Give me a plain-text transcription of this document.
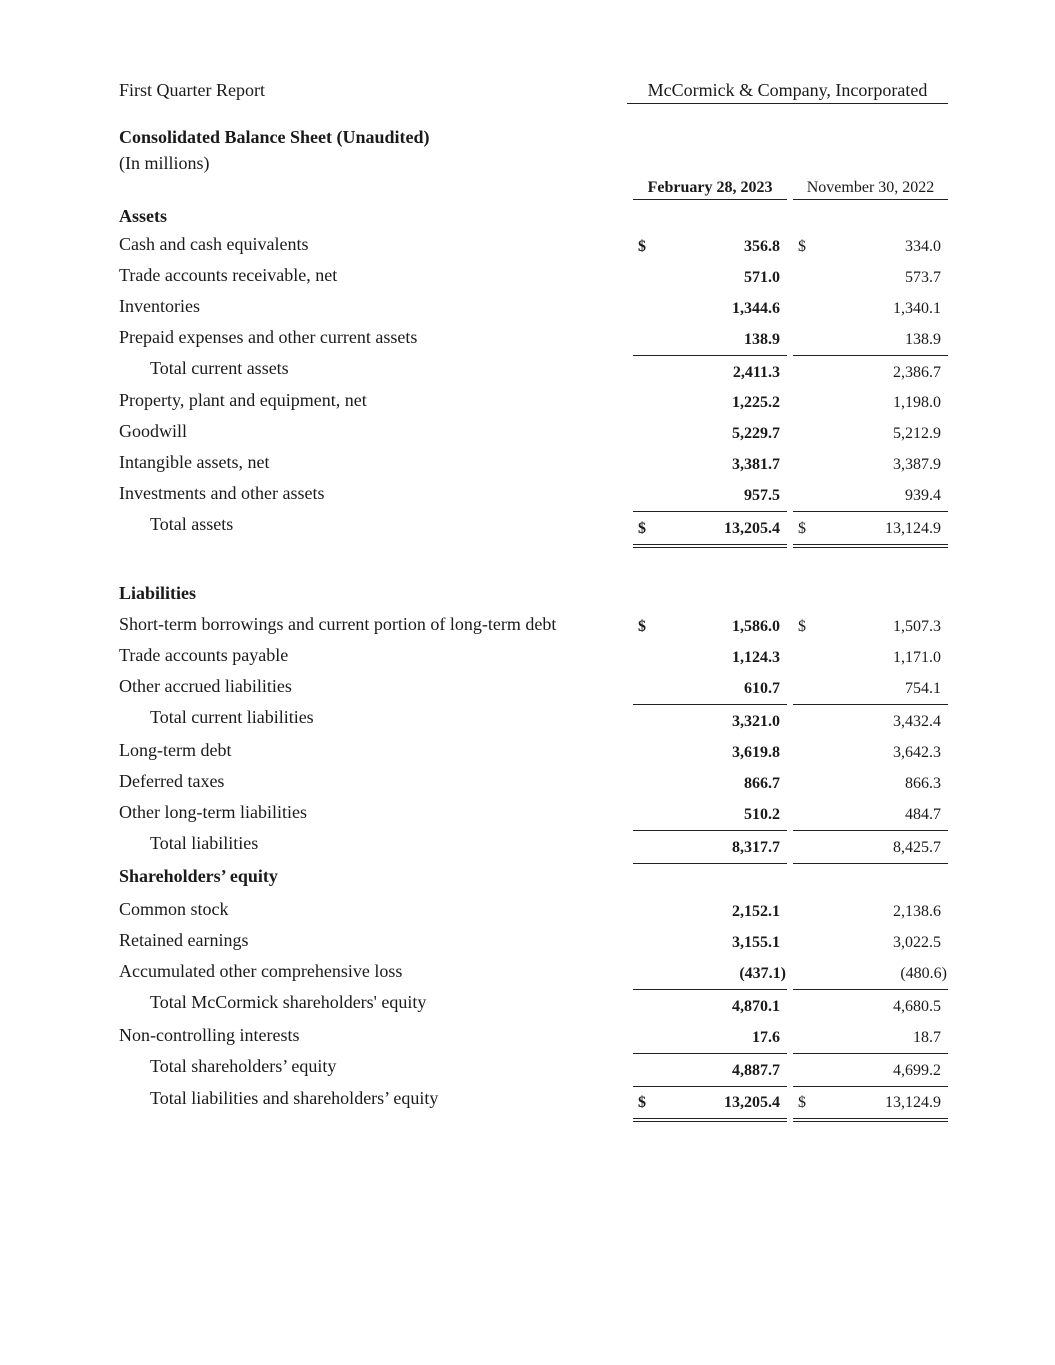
First Quarter Report	McCormick & Company, Incorporated
Consolidated Balance Sheet (Unaudited)
(In millions)
February 28, 2023	November 30, 2022
Assets
Cash and cash equivalents	$	356.8 $	334.0
Trade accounts receivable, net	571.0	573.7
Inventories	1,344.6	1,340.1
Prepaid expenses and other current assets	138.9	138.9
Total current assets	2,411.3	2,386.7
Property, plant and equipment, net	1,225.2	1,198.0
Goodwill	5,229.7	5,212.9
Intangible assets, net	3,381.7	3,387.9
Investments and other assets	957.5	939.4
Total assets	$	13,205.4 $	13,124.9
Liabilities
Short-term borrowings and current portion of long-term debt	$	1,586.0 $	1,507.3
Trade accounts payable	1,124.3	1,171.0
Other accrued liabilities	610.7	754.1
Total current liabilities	3,321.0	3,432.4
Long-term debt	3,619.8	3,642.3
Deferred taxes	866.7	866.3
Other long-term liabilities	510.2	484.7
Total liabilities	8,317.7	8,425.7
Shareholders’ equity
Common stock	2,152.1	2,138.6
Retained earnings	3,155.1	3,022.5
Accumulated other comprehensive loss	(437.1)	(480.6)
Total McCormick shareholders' equity	4,870.1	4,680.5
Non-controlling interests	17.6	18.7
Total shareholders’ equity	4,887.7	4,699.2
Total liabilities and shareholders’ equity	$	13,205.4 $	13,124.9
